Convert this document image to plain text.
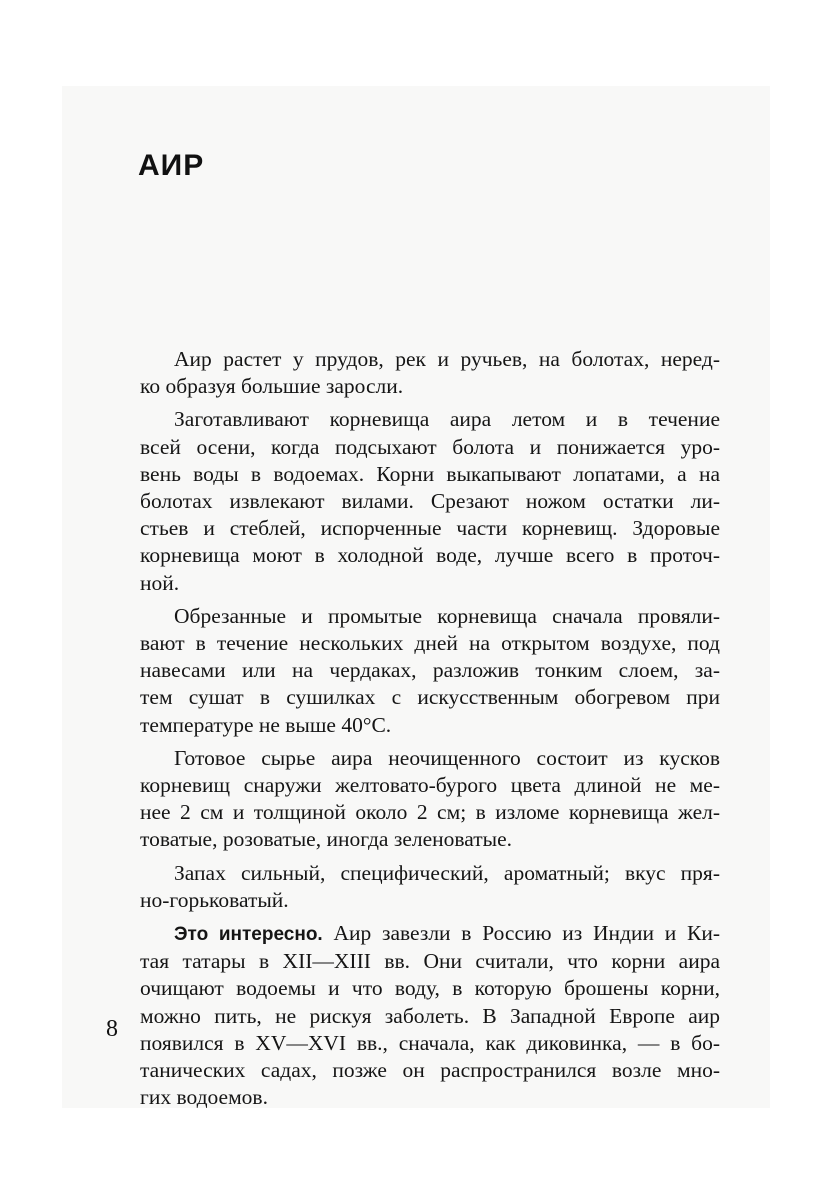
АИР
Аир растет у прудов, рек и ручьев, на болотах, неред-
ко образуя большие заросли.
Заготавливают корневища аира летом и в течение
всей осени, когда подсыхают болота и понижается уро-
вень воды в водоемах. Корни выкапывают лопатами, а на
болотах извлекают вилами. Срезают ножом остатки ли-
стьев и стеблей, испорченные части корневищ. Здоровые
корневища моют в холодной воде, лучше всего в проточ-
ной.
Обрезанные и промытые корневища сначала провяли-
вают в течение нескольких дней на открытом воздухе, под
навесами или на чердаках, разложив тонким слоем, за-
тем сушат в сушилках с искусственным обогревом при
температуре не выше 40°С.
Готовое сырье аира неочищенного состоит из кусков
корневищ снаружи желтовато-бурого цвета длиной не ме-
нее 2 см и толщиной около 2 см; в изломе корневища жел-
товатые, розоватые, иногда зеленоватые.
Запах сильный, специфический, ароматный; вкус пря-
но-горьковатый.
Это интересно. Аир завезли в Россию из Индии и Ки-
тая татары в XII—XIII вв. Они считали, что корни аира
очищают водоемы и что воду, в которую брошены корни,
можно пить, не рискуя заболеть. В Западной Европе аир
появился в XV—XVI вв., сначала, как диковинка, — в бо-
танических садах, позже он распространился возле мно-
гих водоемов.
8
